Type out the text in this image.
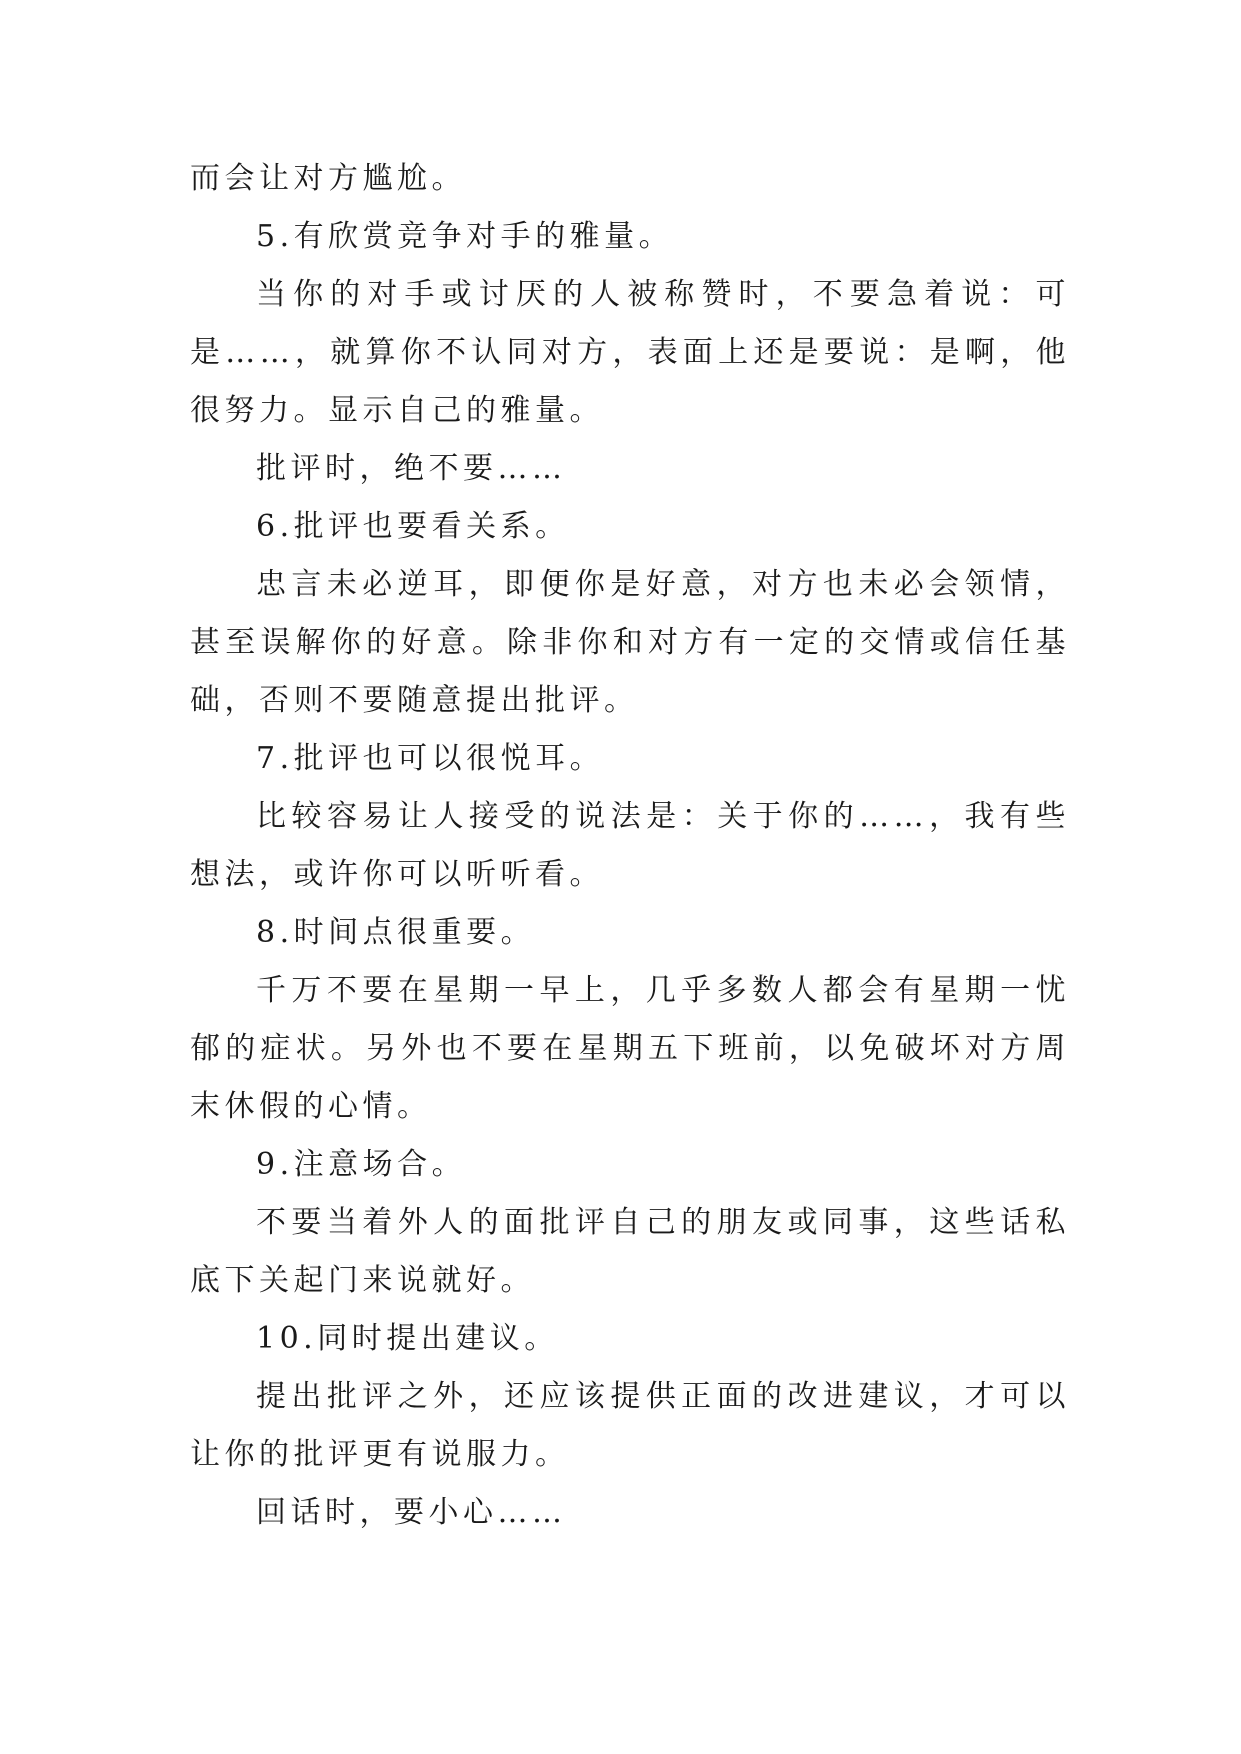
而会让对方尴尬。

5.有欣赏竞争对手的雅量。

当你的对手或讨厌的人被称赞时，不要急着说：可是……，就算你不认同对方，表面上还是要说：是啊，他很努力。显示自己的雅量。

批评时，绝不要……

6.批评也要看关系。

忠言未必逆耳，即便你是好意，对方也未必会领情，甚至误解你的好意。除非你和对方有一定的交情或信任基础，否则不要随意提出批评。

7.批评也可以很悦耳。

比较容易让人接受的说法是：关于你的……，我有些想法，或许你可以听听看。

8.时间点很重要。

千万不要在星期一早上，几乎多数人都会有星期一忧郁的症状。另外也不要在星期五下班前，以免破坏对方周末休假的心情。

9.注意场合。

不要当着外人的面批评自己的朋友或同事，这些话私底下关起门来说就好。

10.同时提出建议。

提出批评之外，还应该提供正面的改进建议，才可以让你的批评更有说服力。

回话时，要小心……
